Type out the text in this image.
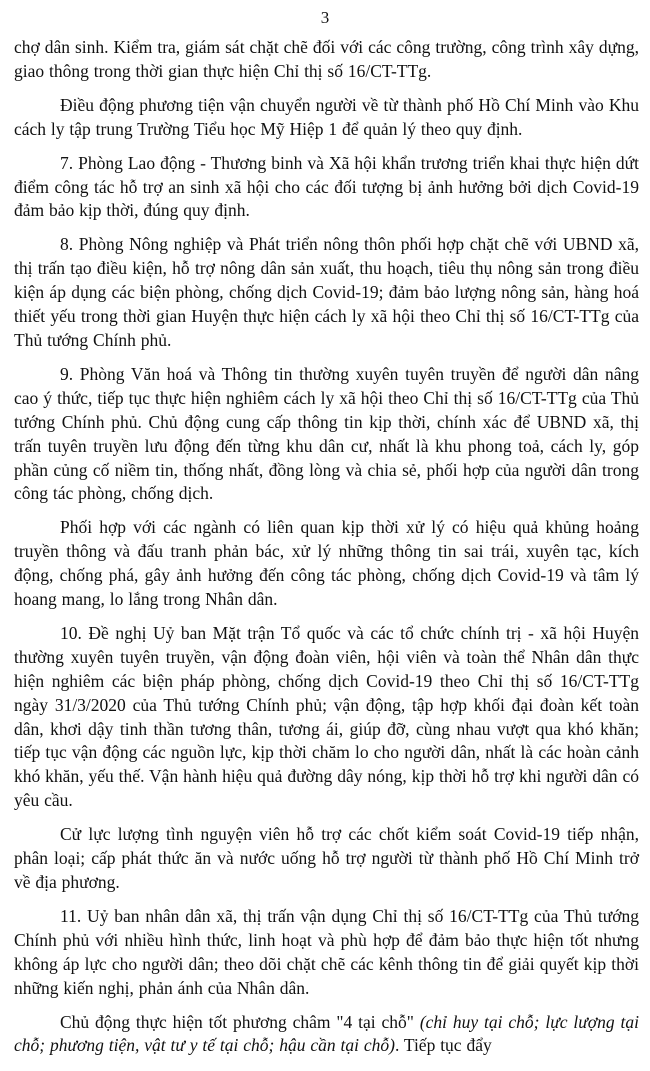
3

chợ dân sinh. Kiểm tra, giám sát chặt chẽ đối với các công trường, công trình xây dựng, giao thông trong thời gian thực hiện Chỉ thị số 16/CT-TTg.

Điều động phương tiện vận chuyển người về từ thành phố Hồ Chí Minh vào Khu cách ly tập trung Trường Tiểu học Mỹ Hiệp 1 để quản lý theo quy định.

7. Phòng Lao động - Thương binh và Xã hội khẩn trương triển khai thực hiện dứt điểm công tác hỗ trợ an sinh xã hội cho các đối tượng bị ảnh hưởng bởi dịch Covid-19 đảm bảo kịp thời, đúng quy định.

8. Phòng Nông nghiệp và Phát triển nông thôn phối hợp chặt chẽ với UBND xã, thị trấn tạo điều kiện, hỗ trợ nông dân sản xuất, thu hoạch, tiêu thụ nông sản trong điều kiện áp dụng các biện phòng, chống dịch Covid-19; đảm bảo lượng nông sản, hàng hoá thiết yếu trong thời gian Huyện thực hiện cách ly xã hội theo Chỉ thị số 16/CT-TTg của Thủ tướng Chính phủ.

9. Phòng Văn hoá và Thông tin thường xuyên tuyên truyền để người dân nâng cao ý thức, tiếp tục thực hiện nghiêm cách ly xã hội theo Chỉ thị số 16/CT-TTg của Thủ tướng Chính phủ. Chủ động cung cấp thông tin kịp thời, chính xác để UBND xã, thị trấn tuyên truyền lưu động đến từng khu dân cư, nhất là khu phong toả, cách ly, góp phần củng cố niềm tin, thống nhất, đồng lòng và chia sẻ, phối hợp của người dân trong công tác phòng, chống dịch.

Phối hợp với các ngành có liên quan kịp thời xử lý có hiệu quả khủng hoảng truyền thông và đấu tranh phản bác, xử lý những thông tin sai trái, xuyên tạc, kích động, chống phá, gây ảnh hưởng đến công tác phòng, chống dịch Covid-19 và tâm lý hoang mang, lo lắng trong Nhân dân.

10. Đề nghị Uỷ ban Mặt trận Tổ quốc và các tổ chức chính trị - xã hội Huyện thường xuyên tuyên truyền, vận động đoàn viên, hội viên và toàn thể Nhân dân thực hiện nghiêm các biện pháp phòng, chống dịch Covid-19 theo Chỉ thị số 16/CT-TTg ngày 31/3/2020 của Thủ tướng Chính phủ; vận động, tập hợp khối đại đoàn kết toàn dân, khơi dậy tinh thần tương thân, tương ái, giúp đỡ, cùng nhau vượt qua khó khăn; tiếp tục vận động các nguồn lực, kịp thời chăm lo cho người dân, nhất là các hoàn cảnh khó khăn, yếu thế. Vận hành hiệu quả đường dây nóng, kịp thời hỗ trợ khi người dân có yêu cầu.

Cử lực lượng tình nguyện viên hỗ trợ các chốt kiểm soát Covid-19 tiếp nhận, phân loại; cấp phát thức ăn và nước uống hỗ trợ người từ thành phố Hồ Chí Minh trở về địa phương.

11. Uỷ ban nhân dân xã, thị trấn vận dụng Chỉ thị số 16/CT-TTg của Thủ tướng Chính phủ với nhiều hình thức, linh hoạt và phù hợp để đảm bảo thực hiện tốt nhưng không áp lực cho người dân; theo dõi chặt chẽ các kênh thông tin để giải quyết kịp thời những kiến nghị, phản ánh của Nhân dân.

Chủ động thực hiện tốt phương châm "4 tại chỗ" (chỉ huy tại chỗ; lực lượng tại chỗ; phương tiện, vật tư y tế tại chỗ; hậu cần tại chỗ). Tiếp tục đẩy
